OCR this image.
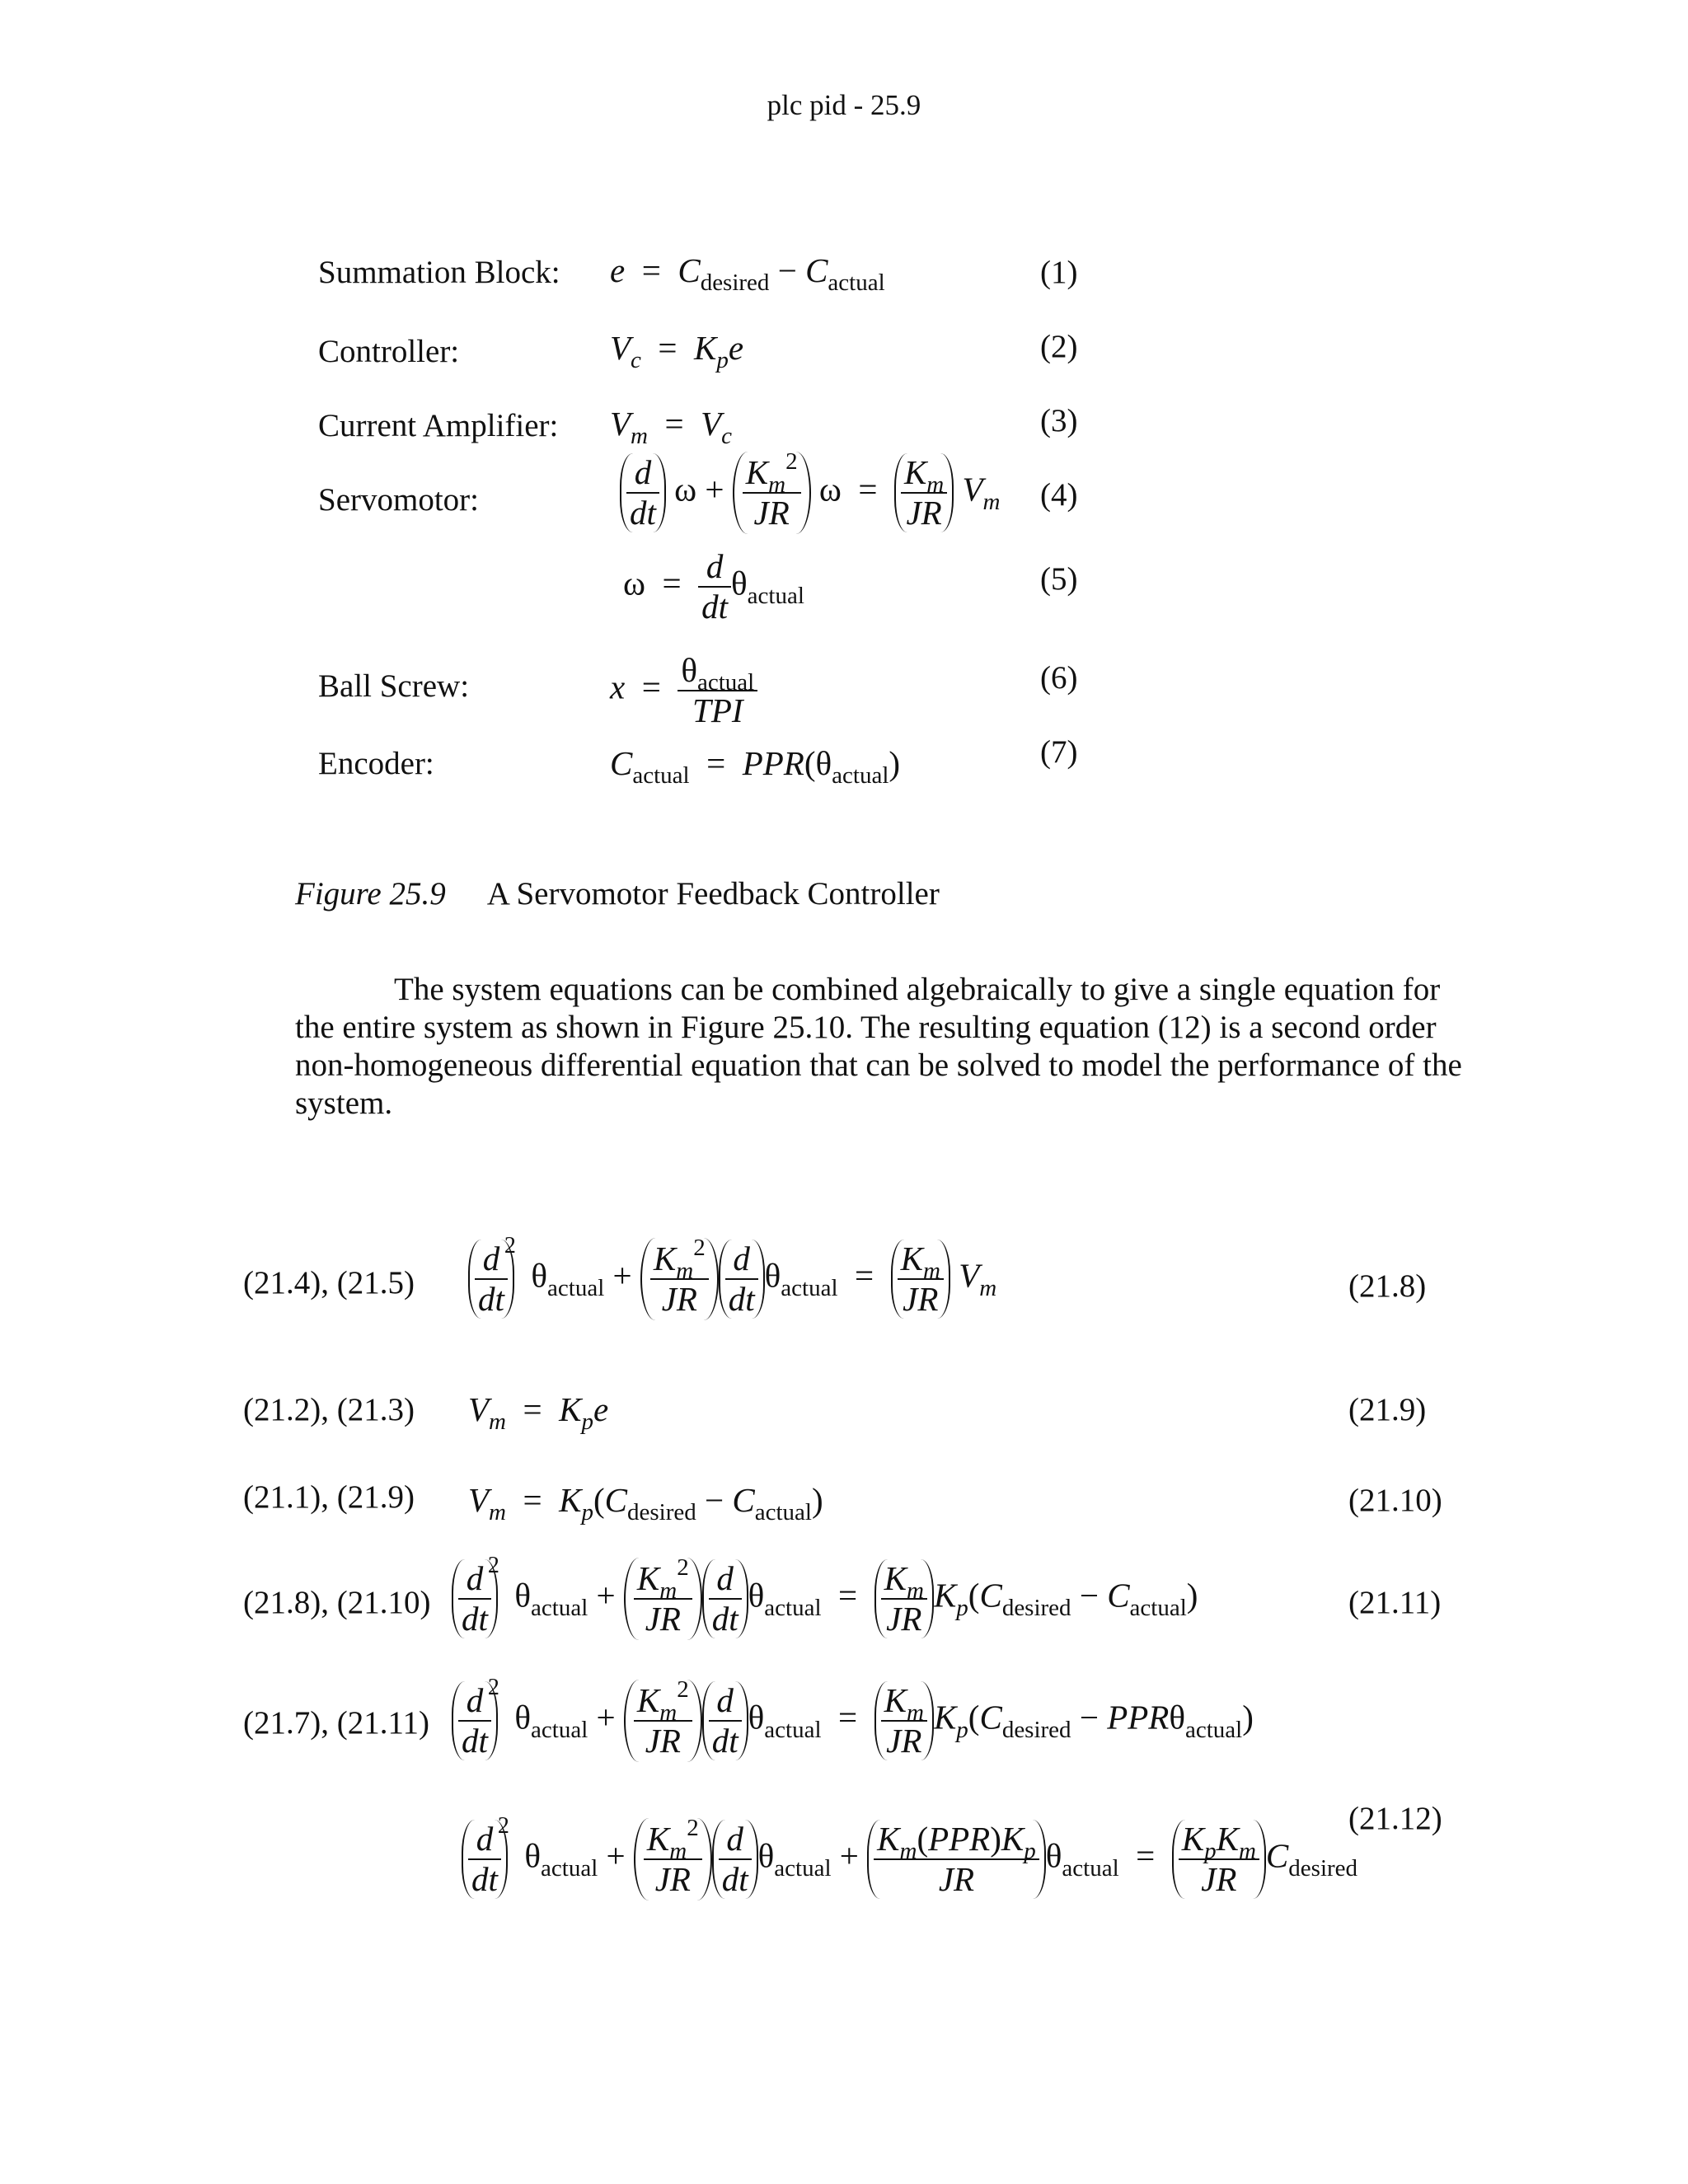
plc pid - 25.9
Summation Block:
Controller:
Current Amplifier:
Servomotor:
Ball Screw:
Encoder:
(1)
(2)
(3)
(4)
(5)
(6)
(7)
$e = C_{desired} - C_{actual}$
$V_c = K_pe$
$V_m = V_c$
$\frac{d}{dt}$ $\omega + \frac{K_m^2}{JR}$ $\omega = \frac{K_m}{JR} V_m$
$\omega = \frac{d}{dt} \theta_{actual}$
$x = \frac{\theta_{actual}}{\text{TPI}}$
$C_{actual} = PPR(\theta_{actual})$
Figure 25.9 A Servomotor Feedback Controller

The system equations can be combined algebraically to give a single equation for the entire system as shown in Figure 25.10. The resulting equation (12) is a second order non-homogeneous differential equation that can be solved to model the performance of the system.

(21.4), (21.5)
(21.2), (21.3)
(21.1), (21.9)
(21.8), (21.10)
(21.7), (21.11)
(21.8)
(21.9)
(21.10)
(21.11)
(21.12)
$\frac{d}{dt}$
2
$\theta_{actual} + \frac{K_m^2}{JR} \frac{d}{dt} \theta_{actual} = \frac{K_m}{JR} V_m$
$V_m = K_pe$
$V_m = K_p(C_{desired} - C_{actual})$
$\frac{d}{dt}$
2
$\theta_{actual} + \frac{K_m^2}{JR} \frac{d}{dt} \theta_{actual} = \frac{K_m}{JR} K_p(C_{desired} - C_{actual})$
$\frac{d}{dt}$
2
$\theta_{actual} + \frac{K_m^2}{JR} \frac{d}{dt} \theta_{actual} = \frac{K_m}{JR} K_p(C_{desired} - PPR\theta_{actual})$
$\frac{d}{dt}$
2
$\theta_{actual} + \frac{K_m^2}{JR} \frac{d}{dt} \theta_{actual} + \frac{K_m(PPR)K_p}{JR} \theta_{actual} = \frac{K_pK_m}{JR} C_{desired}$
